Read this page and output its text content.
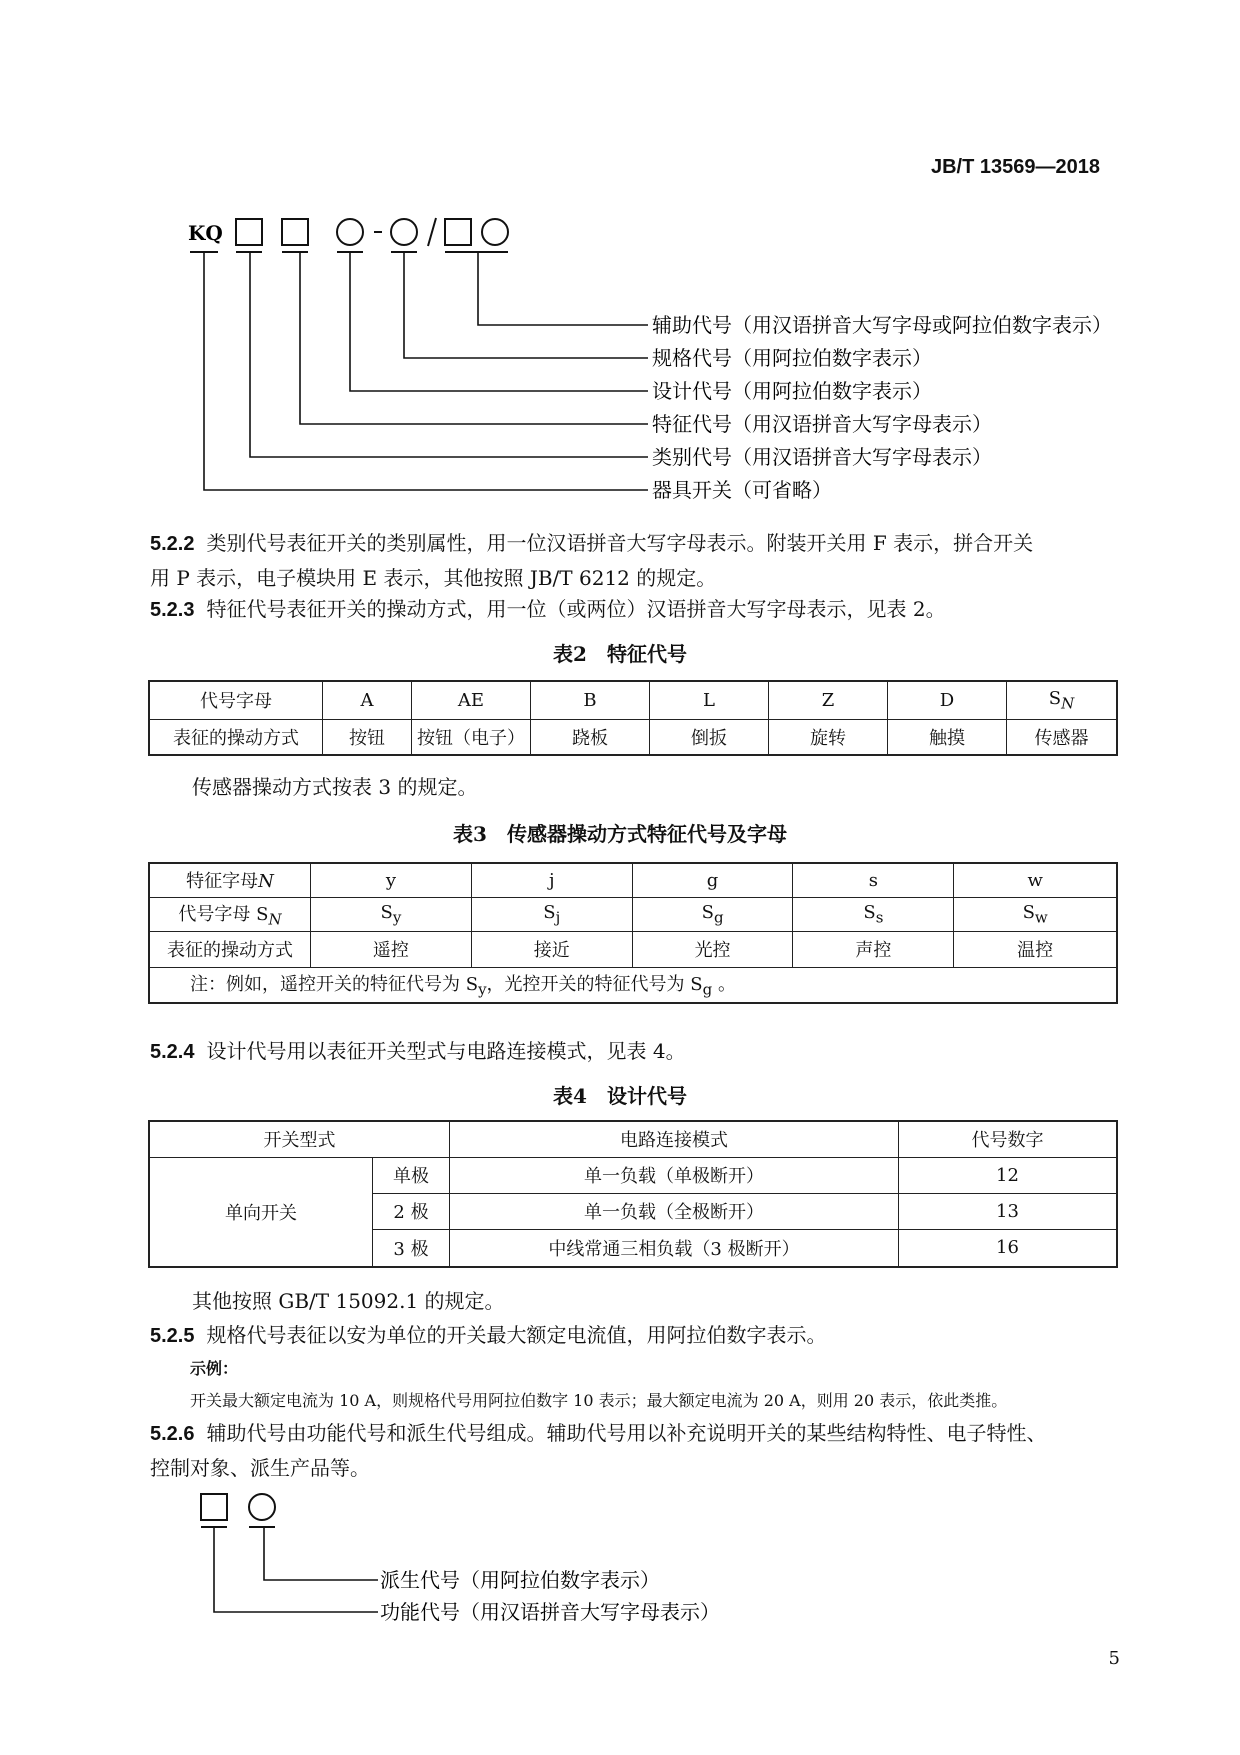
JB/T 13569—2018
KQ
辅助代号（用汉语拼音大写字母或阿拉伯数字表示）
规格代号（用阿拉伯数字表示）
设计代号（用阿拉伯数字表示）
特征代号（用汉语拼音大写字母表示）
类别代号（用汉语拼音大写字母表示）
器具开关（可省略）
5.2.2 类别代号表征开关的类别属性，用一位汉语拼音大写字母表示。附装开关用 F 表示，拼合开关
用 P 表示，电子模块用 E 表示，其他按照 JB/T 6212 的规定。
5.2.3 特征代号表征开关的操动方式，用一位（或两位）汉语拼音大写字母表示，见表 2。
表2　特征代号
代号字母	A	AE	B	L	Z	D	$S_N$
表征的操动方式	按钮	按钮（电子）	跷板	倒扳	旋转	触摸	传感器
传感器操动方式按表 3 的规定。
表3　传感器操动方式特征代号及字母
特征字母N	y	j	g	s	w
代号字母 $S_N$	$S_y$	$S_j$	$S_g$	$S_s$	$S_w$
表征的操动方式	遥控	接近	光控	声控	温控
注：例如，遥控开关的特征代号为 $S_y$，光控开关的特征代号为 $S_g$ 。					
5.2.4 设计代号用以表征开关型式与电路连接模式，见表 4。
表4　设计代号
开关型式		电路连接模式	代号数字
单向开关	单极	单一负载（单极断开）	12
	2 极	单一负载（全极断开）	13
	3 极	中线常通三相负载（3 极断开）	16
其他按照 GB/T 15092.1 的规定。
5.2.5 规格代号表征以安为单位的开关最大额定电流值，用阿拉伯数字表示。
示例：
开关最大额定电流为 10 A，则规格代号用阿拉伯数字 10 表示；最大额定电流为 20 A，则用 20 表示，依此类推。
5.2.6 辅助代号由功能代号和派生代号组成。辅助代号用以补充说明开关的某些结构特性、电子特性、
控制对象、派生产品等。
派生代号（用阿拉伯数字表示）
功能代号（用汉语拼音大写字母表示）
5
